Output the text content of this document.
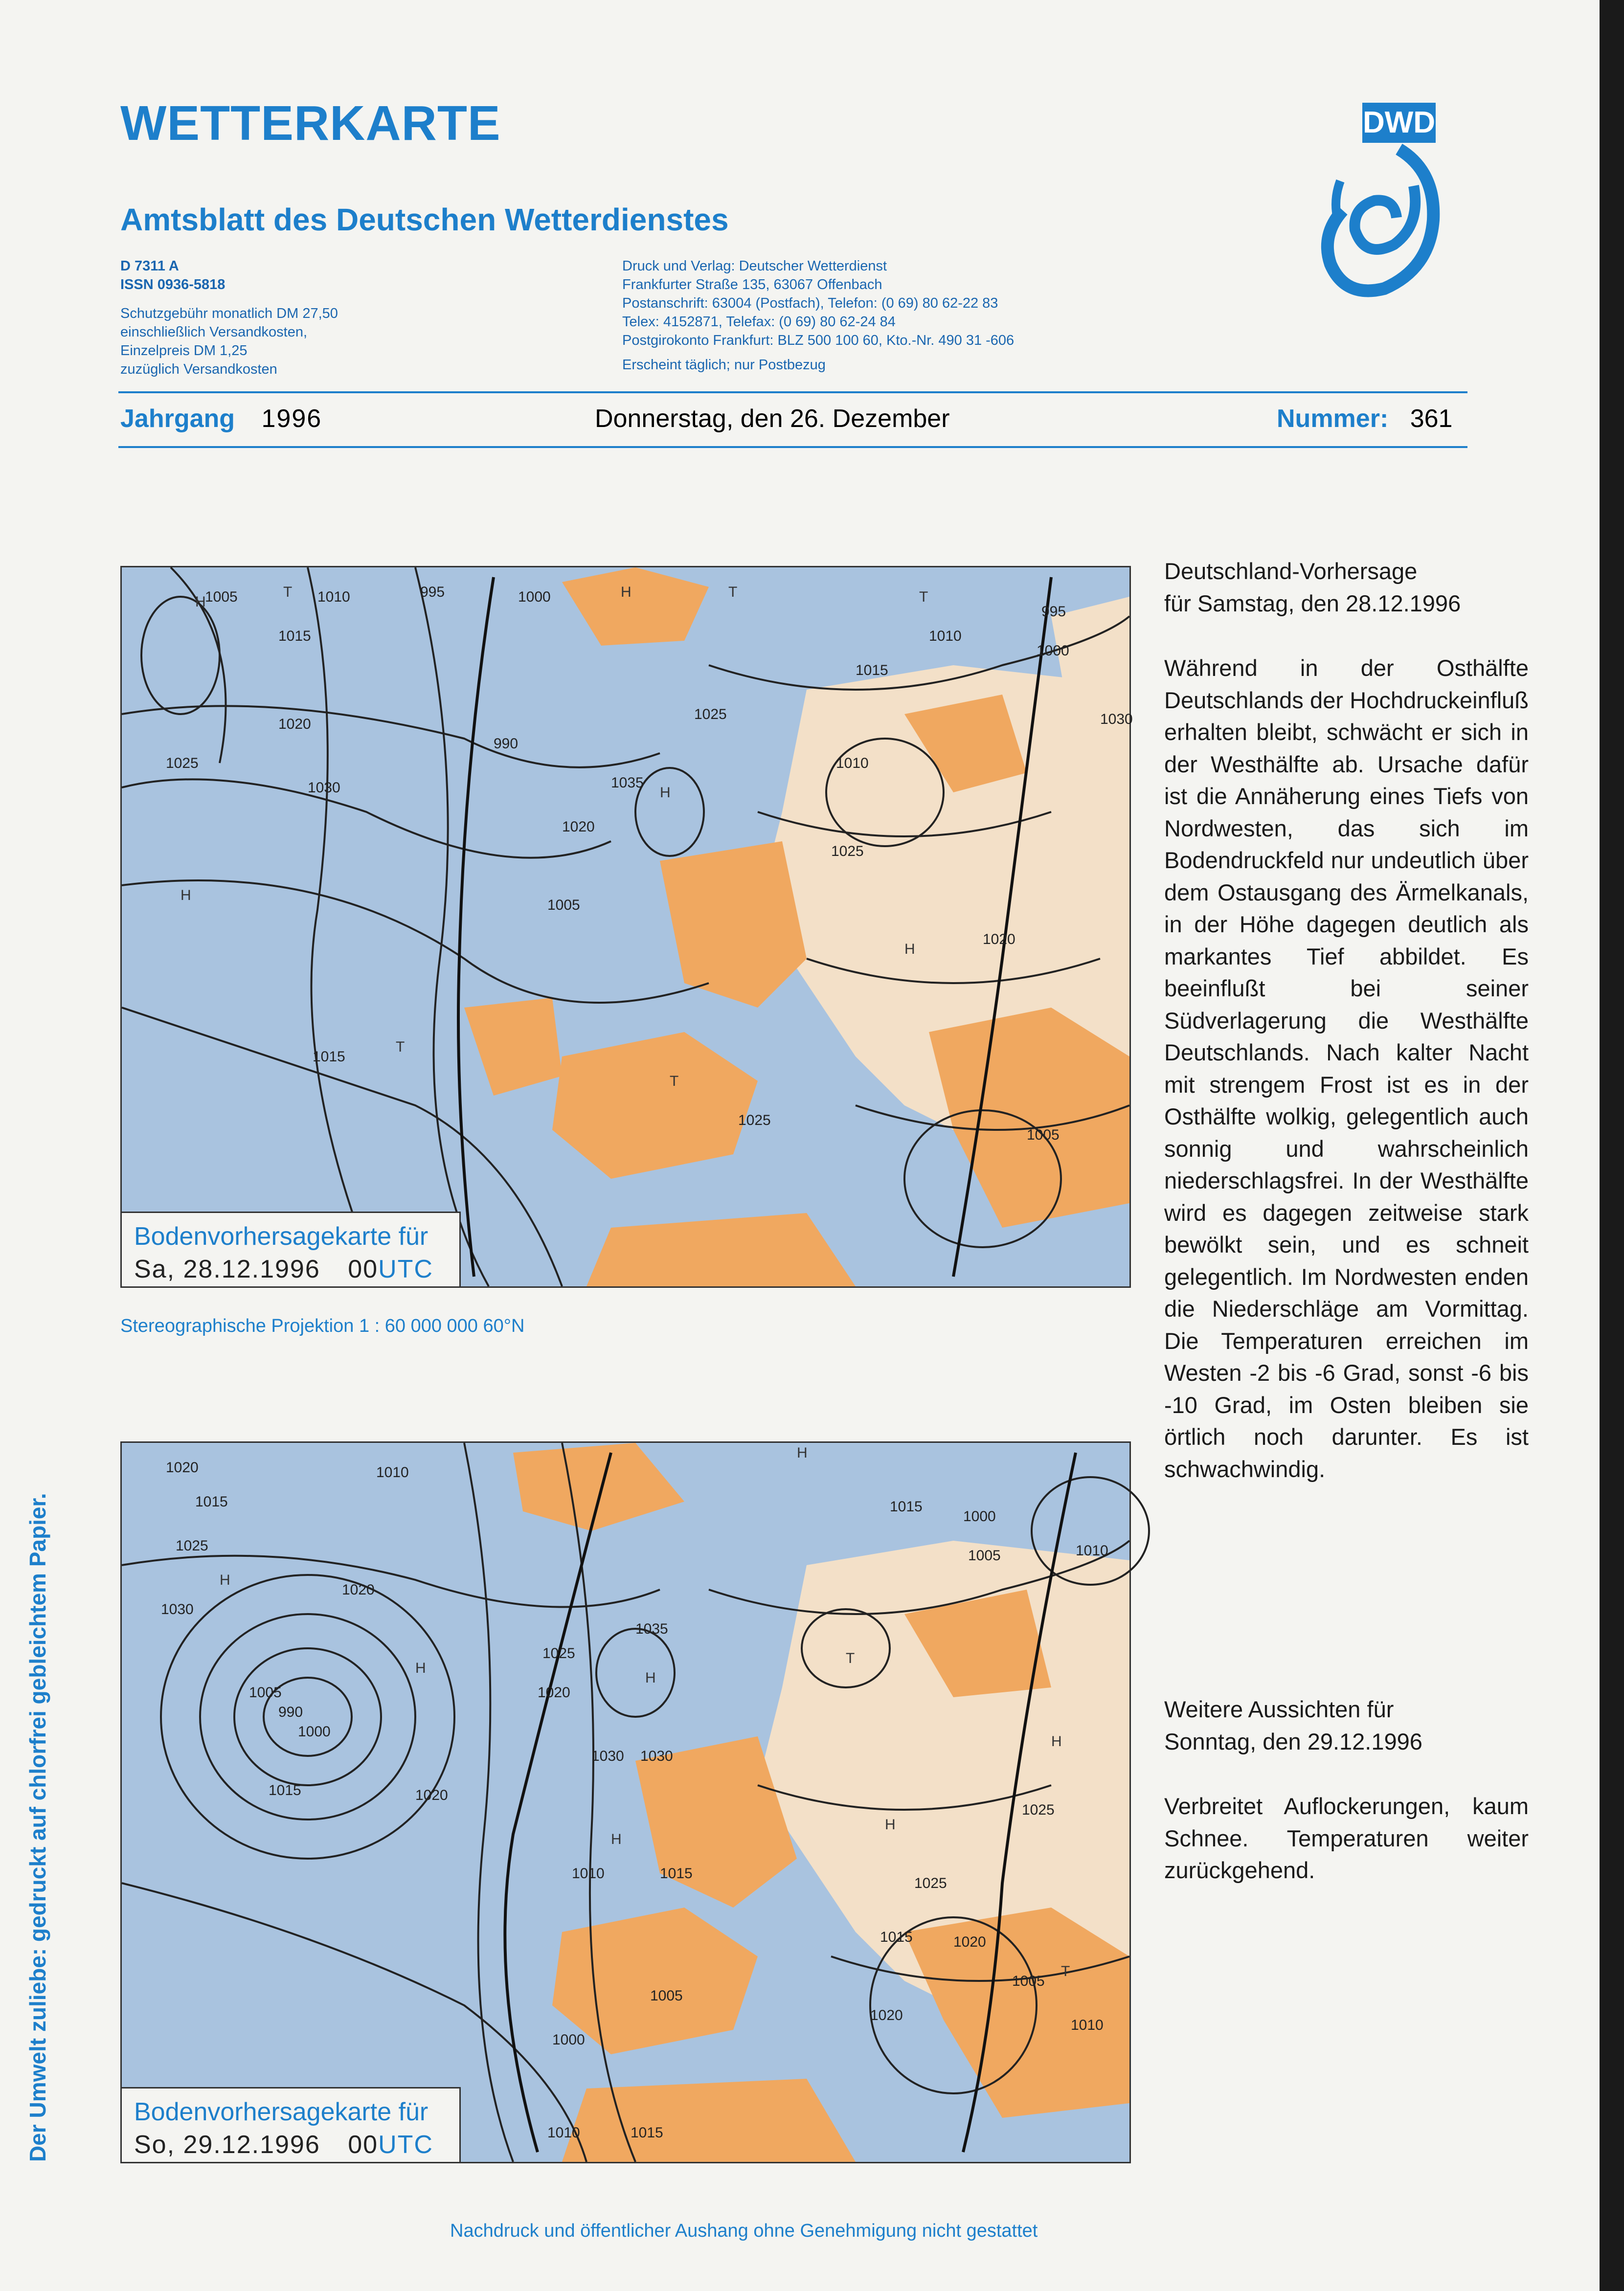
WETTERKARTE
Amtsblatt des Deutschen Wetterdienstes
D 7311 A
ISSN 0936-5818
Schutzgebühr monatlich DM 27,50
einschließlich Versandkosten,
Einzelpreis DM 1,25
zuzüglich Versandkosten
Druck und Verlag: Deutscher Wetterdienst
Frankfurter Straße 135, 63067 Offenbach
Postanschrift: 63004 (Postfach), Telefon: (0 69) 80 62-22 83
Telex: 4152871, Telefax: (0 69) 80 62-24 84
Postgirokonto Frankfurt: BLZ 500 100 60, Kto.-Nr. 490 31 -606
Erscheint täglich; nur Postbezug
DWD
Jahrgang 1996	Donnerstag, den 26. Dezember	Nummer: 361
H
T	H	T	T
H
H
T
T
H
1005	1010	995	1000
1015
1020
1025
1030
990
1035
1005
1015
995
1000
1010
1030
1025
1020
1015
1010
1005
1025
1020
1025
Bodenvorhersagekarte für
Sa, 28.12.1996 00UTC
Stereographische Projektion 1 : 60 000 000 60°N
H
H
H
H
H
T
H
H
T
1020
1015
1010
1025
1030
1020
1005
990
1000
1015
1025
1020
1035
1030
1030
1020
1010	1015
1005
1000
1010
1015
1020
1025
1000
1005	1010
1025
1020
1015
1005
1010
1015
Bodenvorhersagekarte für
So, 29.12.1996 00UTC
Deutschland-Vorhersage
für Samstag, den 28.12.1996
Während in der Osthälfte Deutschlands der Hochdruckeinfluß erhalten bleibt, schwächt er sich in der Westhälfte ab. Ursache dafür ist die Annäherung eines Tiefs von Nordwesten, das sich im Bodendruckfeld nur undeutlich über dem Ostausgang des Ärmelkanals, in der Höhe dagegen deutlich als markantes Tief abbildet. Es beeinflußt bei seiner Südverlagerung die Westhälfte Deutschlands. Nach kalter Nacht mit strengem Frost ist es in der Osthälfte wolkig, gelegentlich auch sonnig und wahrscheinlich niederschlagsfrei. In der Westhälfte wird es dagegen zeitweise stark bewölkt sein, und es schneit gelegentlich. Im Nordwesten enden die Niederschläge am Vormittag. Die Temperaturen erreichen im Westen -2 bis -6 Grad, sonst -6 bis -10 Grad, im Osten bleiben sie örtlich noch darunter. Es ist schwachwindig.
Weitere Aussichten für
Sonntag, den 29.12.1996
Verbreitet Auflockerungen, kaum Schnee. Temperaturen weiter zurückgehend.
Der Umwelt zuliebe: gedruckt auf chlorfrei gebleichtem Papier.
Nachdruck und öffentlicher Aushang ohne Genehmigung nicht gestattet
